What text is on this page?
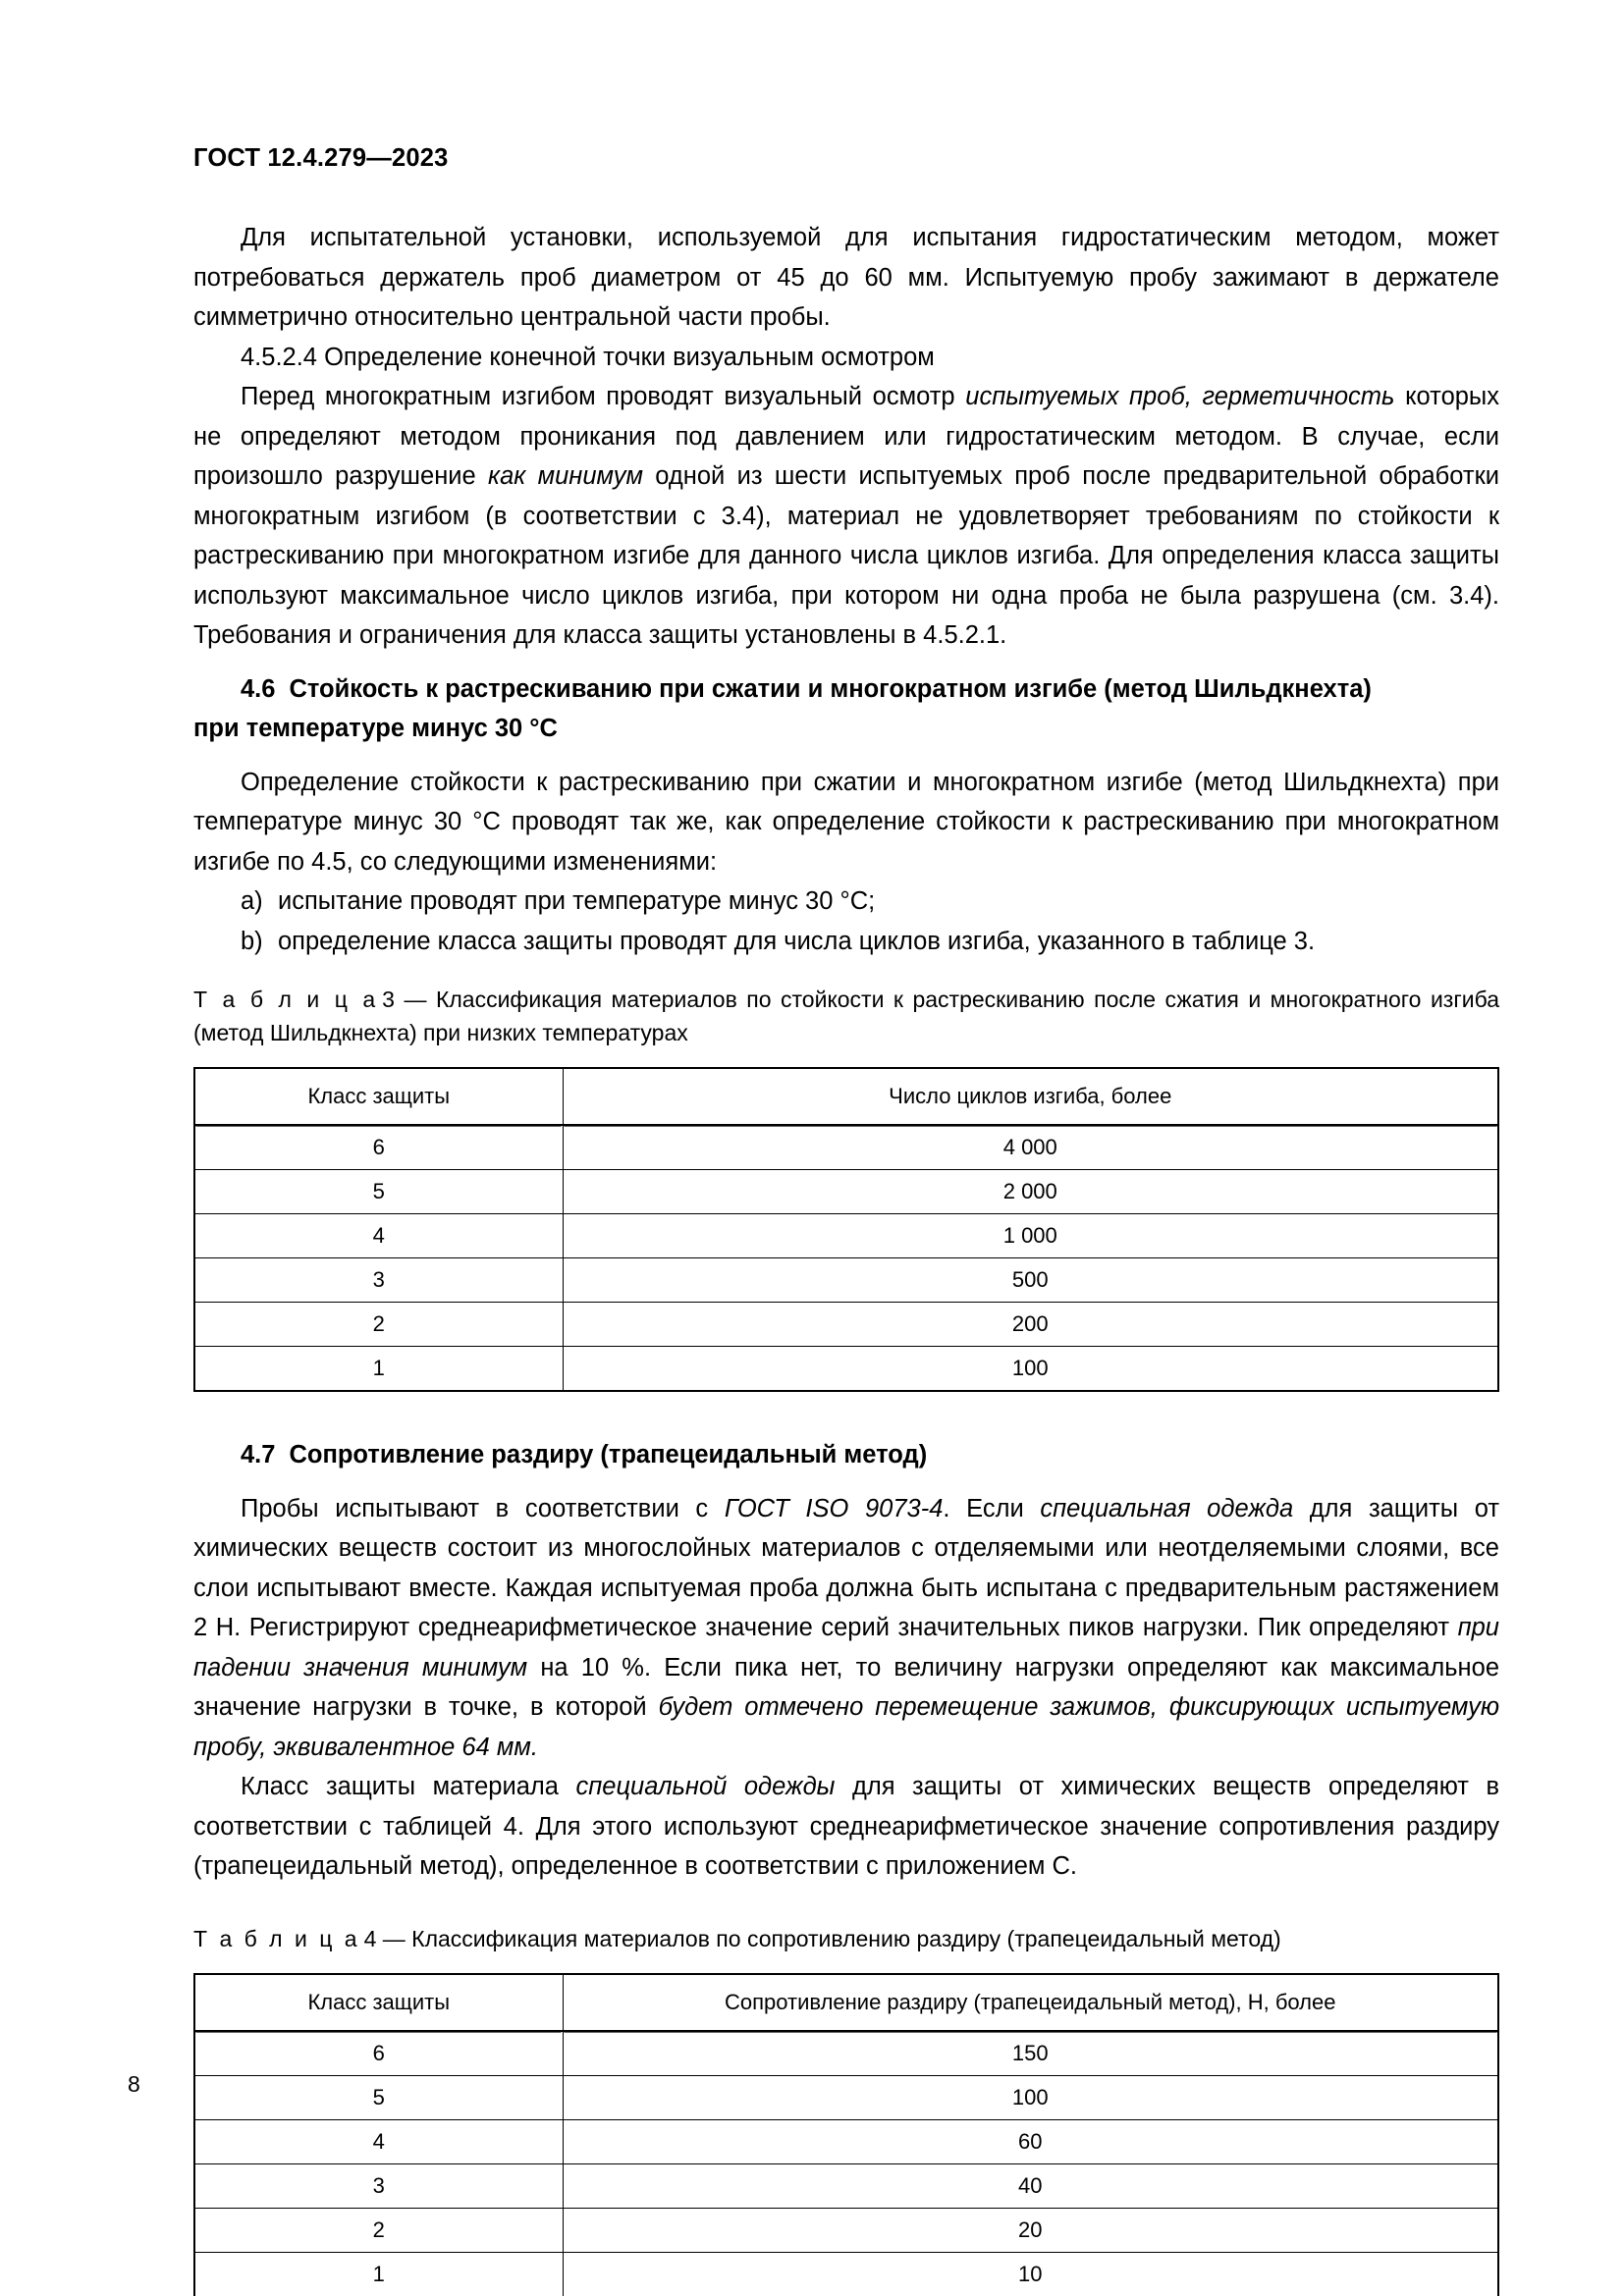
ГОСТ 12.4.279—2023

Для испытательной установки, используемой для испытания гидростатическим методом, может потребоваться держатель проб диаметром от 45 до 60 мм. Испытуемую пробу зажимают в держателе симметрично относительно центральной части пробы.

4.5.2.4 Определение конечной точки визуальным осмотром

Перед многократным изгибом проводят визуальный осмотр испытуемых проб, герметичность которых не определяют методом проникания под давлением или гидростатическим методом. В случае, если произошло разрушение как минимум одной из шести испытуемых проб после предварительной обработки многократным изгибом (в соответствии с 3.4), материал не удовлетворяет требованиям по стойкости к растрескиванию при многократном изгибе для данного числа циклов изгиба. Для определения класса защиты используют максимальное число циклов изгиба, при котором ни одна проба не была разрушена (см. 3.4). Требования и ограничения для класса защиты установлены в 4.5.2.1.

4.6 Стойкость к растрескиванию при сжатии и многократном изгибе (метод Шильдкнехта)
при температуре минус 30 °C

Определение стойкости к растрескиванию при сжатии и многократном изгибе (метод Шильдкнехта) при температуре минус 30 °C проводят так же, как определение стойкости к растрескиванию при многократном изгибе по 4.5, со следующими изменениями:

a) испытание проводят при температуре минус 30 °C;

b) определение класса защиты проводят для числа циклов изгиба, указанного в таблице 3.

Т а б л и ц а 3 — Классификация материалов по стойкости к растрескиванию после сжатия и многократного изгиба (метод Шильдкнехта) при низких температурах

Класс защиты	Число циклов изгиба, более
6	4 000
5	2 000
4	1 000
3	500
2	200
1	100

4.7 Сопротивление раздиру (трапецеидальный метод)

Пробы испытывают в соответствии с ГОСТ ISO 9073-4. Если специальная одежда для защиты от химических веществ состоит из многослойных материалов с отделяемыми или неотделяемыми слоями, все слои испытывают вместе. Каждая испытуемая проба должна быть испытана с предварительным растяжением 2 Н. Регистрируют среднеарифметическое значение серий значительных пиков нагрузки. Пик определяют при падении значения минимум на 10 %. Если пика нет, то величину нагрузки определяют как максимальное значение нагрузки в точке, в которой будет отмечено перемещение зажимов, фиксирующих испытуемую пробу, эквивалентное 64 мм.

Класс защиты материала специальной одежды для защиты от химических веществ определяют в соответствии с таблицей 4. Для этого используют среднеарифметическое значение сопротивления раздиру (трапецеидальный метод), определенное в соответствии с приложением С.

Т а б л и ц а 4 — Классификация материалов по сопротивлению раздиру (трапецеидальный метод)

Класс защиты	Сопротивление раздиру (трапецеидальный метод), Н, более
6	150
5	100
4	60
3	40
2	20
1	10
8
